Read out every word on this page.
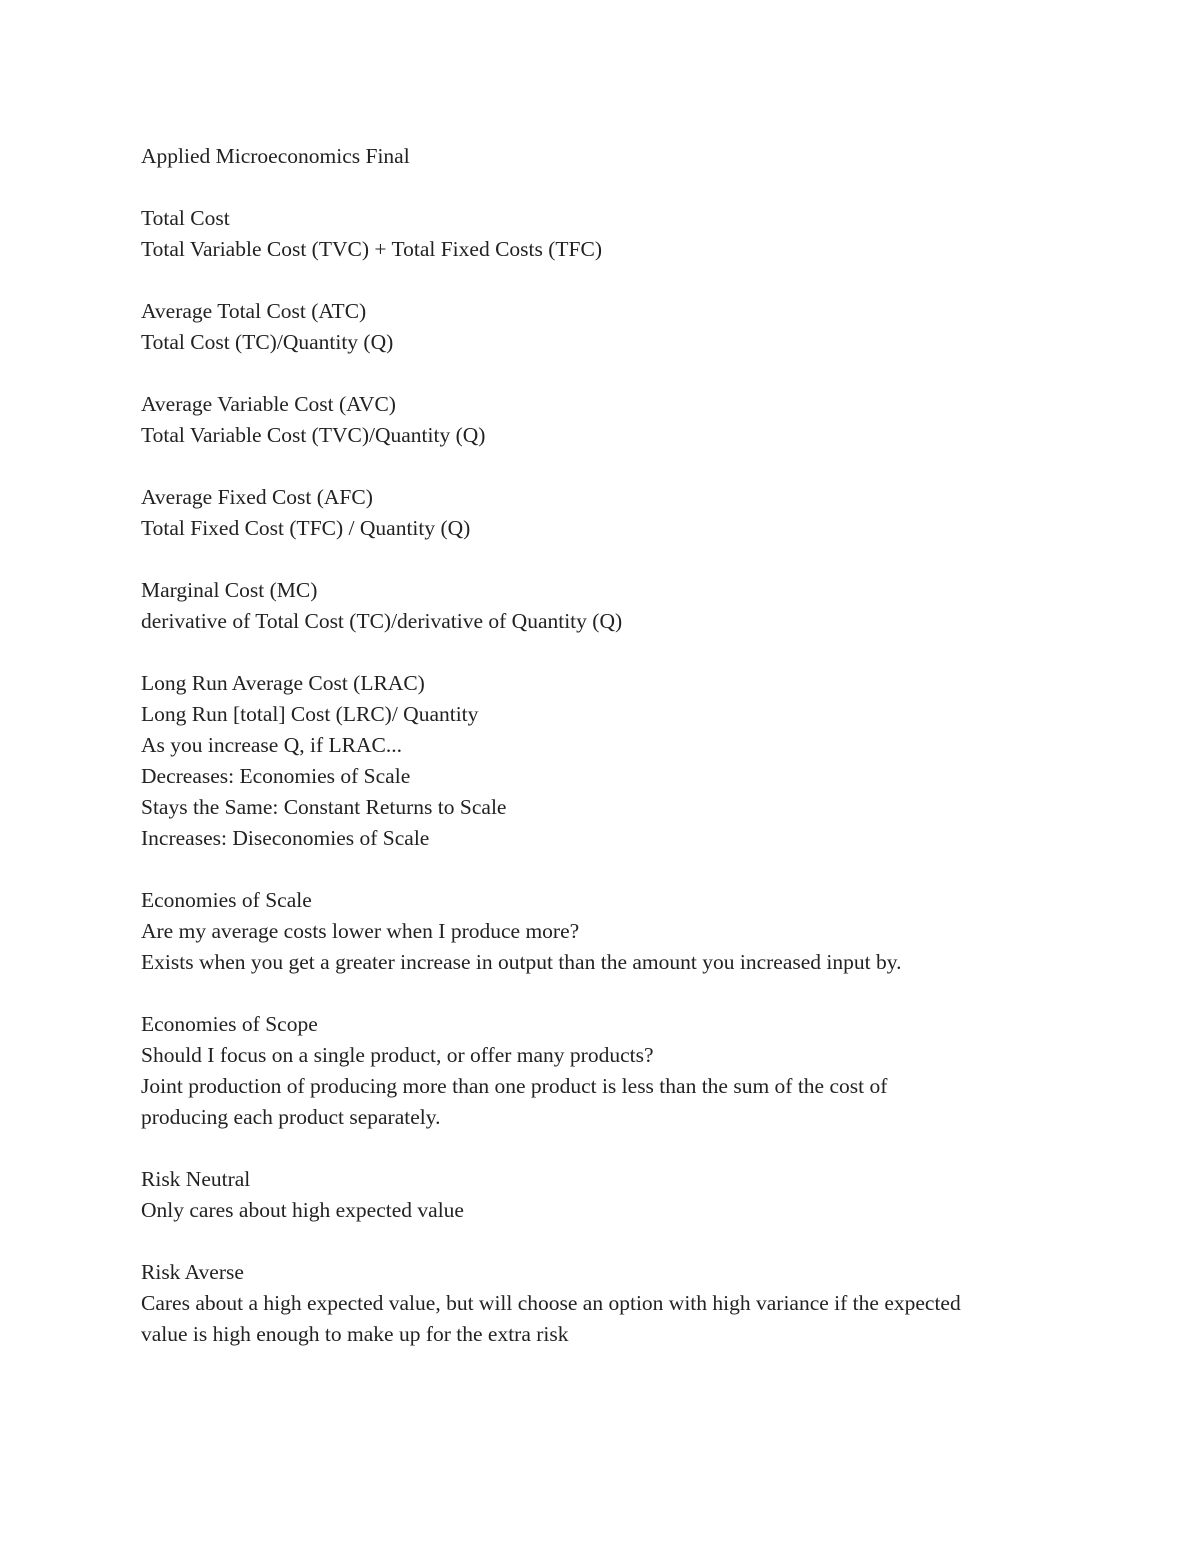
Applied Microeconomics Final
Total Cost
Total Variable Cost (TVC) + Total Fixed Costs (TFC)
Average Total Cost (ATC)
Total Cost (TC)/Quantity (Q)
Average Variable Cost (AVC)
Total Variable Cost (TVC)/Quantity (Q)
Average Fixed Cost (AFC)
Total Fixed Cost (TFC) / Quantity (Q)
Marginal Cost (MC)
derivative of Total Cost (TC)/derivative of Quantity (Q)
Long Run Average Cost (LRAC)
Long Run [total] Cost (LRC)/ Quantity
As you increase Q, if LRAC...
Decreases: Economies of Scale
Stays the Same: Constant Returns to Scale
Increases: Diseconomies of Scale
Economies of Scale
Are my average costs lower when I produce more?
Exists when you get a greater increase in output than the amount you increased input by.
Economies of Scope
Should I focus on a single product, or offer many products?
Joint production of producing more than one product is less than the sum of the cost of
producing each product separately.
Risk Neutral
Only cares about high expected value
Risk Averse
Cares about a high expected value, but will choose an option with high variance if the expected
value is high enough to make up for the extra risk
